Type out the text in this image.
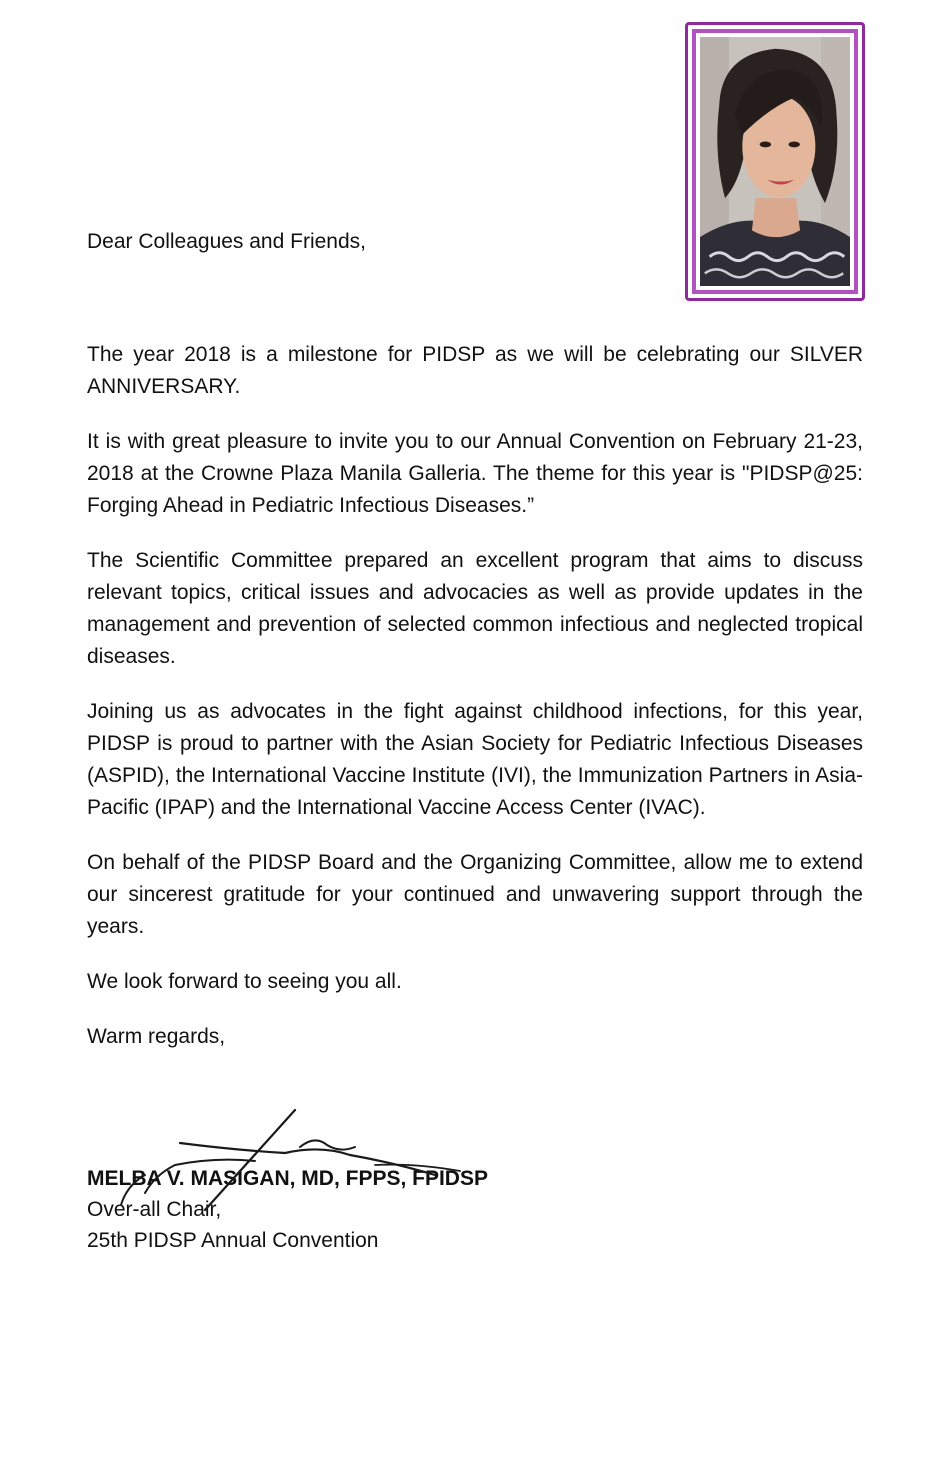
Dear Colleagues and Friends,

The year 2018 is a milestone for PIDSP as we will be celebrating our SILVER ANNIVERSARY.

It is with great pleasure to invite you to our Annual Convention on February 21-23, 2018 at the Crowne Plaza Manila Galleria. The theme for this year is "PIDSP@25: Forging Ahead in Pediatric Infectious Diseases.”

The Scientific Committee prepared an excellent program that aims to discuss relevant topics, critical issues and advocacies as well as provide updates in the management and prevention of selected common infectious and neglected tropical diseases.

Joining us as advocates in the fight against childhood infections, for this year, PIDSP is proud to partner with the Asian Society for Pediatric Infectious Diseases (ASPID), the International Vaccine Institute (IVI), the Immunization Partners in Asia-Pacific (IPAP) and the International Vaccine Access Center (IVAC).

On behalf of the PIDSP Board and the Organizing Committee, allow me to extend our sincerest gratitude for your continued and unwavering support through the years.

We look forward to seeing you all.

Warm regards,

MELBA V. MASIGAN, MD, FPPS, FPIDSP

Over-all Chair,

25th PIDSP Annual Convention
